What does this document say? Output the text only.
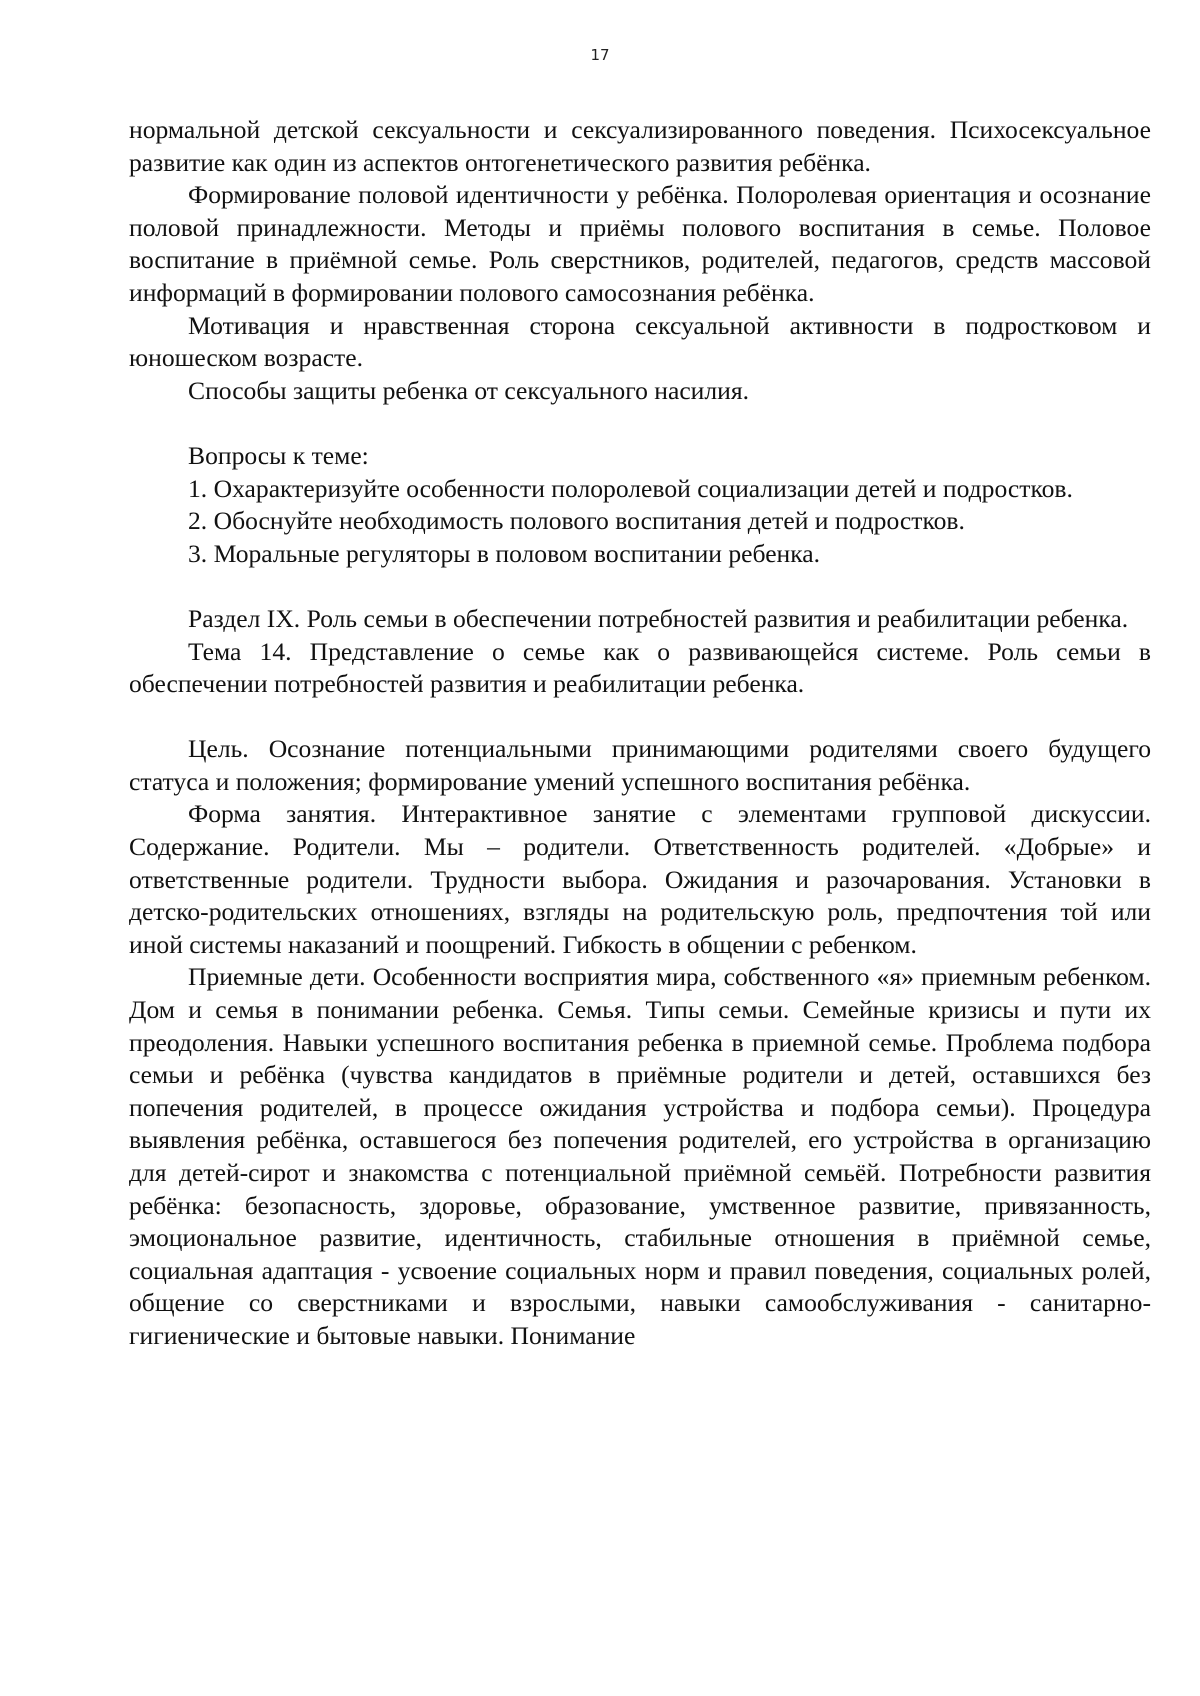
17

нормальной детской сексуальности и сексуализированного поведения. Психосексуальное развитие как один из аспектов онтогенетического развития ребёнка.

Формирование половой идентичности у ребёнка. Полоролевая ориентация и осознание половой принадлежности. Методы и приёмы полового воспитания в семье. Половое воспитание в приёмной семье. Роль сверстников, родителей, педагогов, средств массовой информаций в формировании полового самосознания ребёнка.

Мотивация и нравственная сторона сексуальной активности в подростковом и юношеском возрасте.

Способы защиты ребенка от сексуального насилия.

Вопросы к теме:

1. Охарактеризуйте особенности полоролевой социализации детей и подростков.

2. Обоснуйте необходимость полового воспитания детей и подростков.

3. Моральные регуляторы в половом воспитании ребенка.

Раздел IX. Роль семьи в обеспечении потребностей развития и реабилитации ребенка.

Тема 14. Представление о семье как о развивающейся системе. Роль семьи в обеспечении потребностей развития и реабилитации ребенка.

Цель. Осознание потенциальными принимающими родителями своего будущего статуса и положения; формирование умений успешного воспитания ребёнка.

Форма занятия. Интерактивное занятие с элементами групповой дискуссии. Содержание. Родители. Мы – родители. Ответственность родителей. «Добрые» и ответственные родители. Трудности выбора. Ожидания и разочарования. Установки в детско-родительских отношениях, взгляды на родительскую роль, предпочтения той или иной системы наказаний и поощрений. Гибкость в общении с ребенком.

Приемные дети. Особенности восприятия мира, собственного «я» приемным ребенком. Дом и семья в понимании ребенка. Семья. Типы семьи. Семейные кризисы и пути их преодоления. Навыки успешного воспитания ребенка в приемной семье. Проблема подбора семьи и ребёнка (чувства кандидатов в приёмные родители и детей, оставшихся без попечения родителей, в процессе ожидания устройства и подбора семьи). Процедура выявления ребёнка, оставшегося без попечения родителей, его устройства в организацию для детей-сирот и знакомства с потенциальной приёмной семьёй. Потребности развития ребёнка: безопасность, здоровье, образование, умственное развитие, привязанность, эмоциональное развитие, идентичность, стабильные отношения в приёмной семье, социальная адаптация - усвоение социальных норм и правил поведения, социальных ролей, общение со сверстниками и взрослыми, навыки самообслуживания - санитарно-гигиенические и бытовые навыки. Понимание
